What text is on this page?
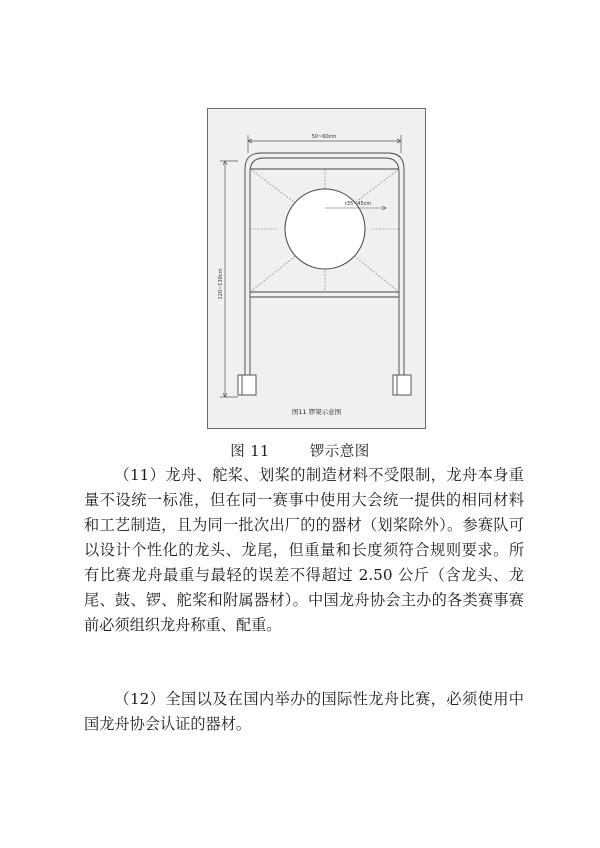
50~60cm
120~130cm
r35~45cm
图11 锣架示意图
图 11	锣示意图

（11）龙舟、舵桨、划桨的制造材料不受限制，龙舟本身重量不设统一标准，但在同一赛事中使用大会统一提供的相同材料和工艺制造，且为同一批次出厂的的器材（划桨除外）。参赛队可以设计个性化的龙头、龙尾，但重量和长度须符合规则要求。所有比赛龙舟最重与最轻的误差不得超过 2.50 公斤（含龙头、龙尾、鼓、锣、舵桨和附属器材）。中国龙舟协会主办的各类赛事赛前必须组织龙舟称重、配重。

（12）全国以及在国内举办的国际性龙舟比赛，必须使用中国龙舟协会认证的器材。
